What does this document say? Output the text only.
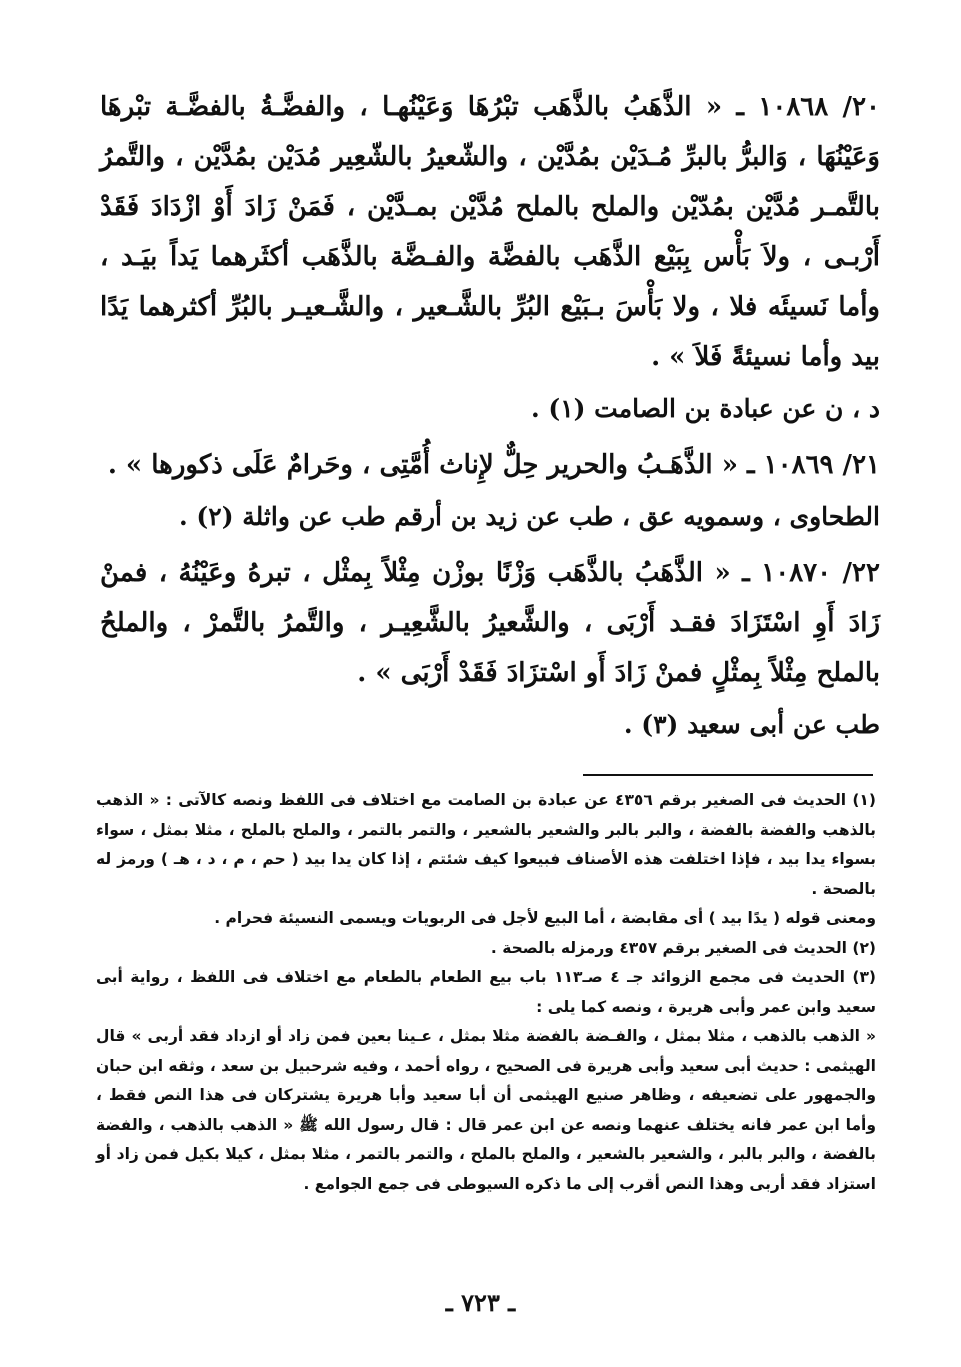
٢٠/ ١٠٨٦٨ ـ « الذَّهَبُ بالذَّهَب تبْرُهَا وَعَيْنُهـا ، والفضَّـةُ بالفضَّـة تبْرهَا وَعَيْنُهَا ، وَالبرُّ بالبرِّ مُـدَيْن بمُدَّيْن ، والشّعيرُ بالشّعِير مُدَيْن بمُدَّيْن ، والتَّمرُ بالتَّمـر مُدَّيْن بمُدّيْن والملح بالملح مُدَّيْن بمـدَّيْن ، فَمَنْ زَادَ أَوْ ازْدَادَ فَقَدْ أَرْبـى ، ولاَ بَأْس بِبَيْع الذَّهَب بالفضَّة والفـضَّة بالذَّهَب أكثَرهما يَداً بيَـد ، وأما نَسيئَه فلا ، ولا بَأْسَ بـبَيْع البُرِّ بالشَّـعير ، والشَّـعيـر بالبُرِّ أكثرهما يَدًا بيد وأما نسيئةً فَلاَ » .

د ، ن عن عبادة بن الصامت (١) .

٢١/ ١٠٨٦٩ ـ « الذَّهَـبُ والحرير حِلٌّ لإِناث أُمَّتِى ، وحَرامٌ عَلَى ذكورها » .

الطحاوى ، وسمويه عق ، طب عن زيد بن أرقم طب عن واثلة (٢) .

٢٢/ ١٠٨٧٠ ـ « الذَّهَبُ بالذَّهَب وَزْنًا بوزْن مِثْلاً بِمثْل ، تبرهُ وعَيْنُهُ ، فمنْ زَادَ أَوِ اسْتَزَادَ فقـد أَرْبَى ، والشَّعيرُ بالشَّعِيـر ، والتَّمرُ بالتَّمرْ ، والملحُ بالملح مِثْلاً بِمثْلٍ فمنْ زَادَ أَو اسْتزَادَ فَقَدْ أَرْبَى » .

طب عن أبى سعيد (٣) .

(١) الحديث فى الصغير برقم ٤٣٥٦ عن عبادة بن الصامت مع اختلاف فى اللفظ ونصه كالآتى : « الذهب بالذهب والفضة بالفضة ، والبر بالبر والشعير بالشعير ، والتمر بالتمر ، والملح بالملح ، مثلا بمثل ، سواء بسواء يدا بيد ، فإذا اختلفت هذه الأصناف فبيعوا كيف شئتم ، إذا كان يدا بيد ( حم ، م ، د ، هـ ) ورمز له بالصحة .

ومعنى قوله ( يدًا بيد ) أى مقابضة ، أما البيع لأجل فى الربويات ويسمى النسيئة فحرام .

(٢) الحديث فى الصغير برقم ٤٣٥٧ ورمزله بالصحة .

(٣) الحديث فى مجمع الزوائد جـ ٤ صـ١١٣ باب بيع الطعام بالطعام مع اختلاف فى اللفظ ، رواية أبى سعيد وابن عمر وأبى هريرة ، ونصه كما يلى :

« الذهب بالذهب ، مثلا بمثل ، والفـضة بالفضة مثلا بمثل ، عـينا بعين فمن زاد أو ازداد فقد أربى » قال الهيثمى : حديث أبى سعيد وأبى هريرة فى الصحيح ، رواه أحمد ، وفيه شرحبيل بن سعد ، وثقه ابن حبان والجمهور على تضعيفه ، وظاهر صنيع الهيثمى أن أبا سعيد وأبا هريرة يشتركان فى هذا النص فقط ، وأما ابن عمر فانه يختلف عنهما ونصه عن ابن عمر قال : قال رسول الله ﷺ « الذهب بالذهب ، والفضة بالفضة ، والبر بالبر ، والشعير بالشعير ، والملح بالملح ، والتمر بالتمر ، مثلا بمثل ، كيلا بكيل فمن زاد أو استزاد فقد أربى وهذا النص أقرب إلى ما ذكره السيوطى فى جمع الجوامع .

ـ ٧٢٣ ـ
